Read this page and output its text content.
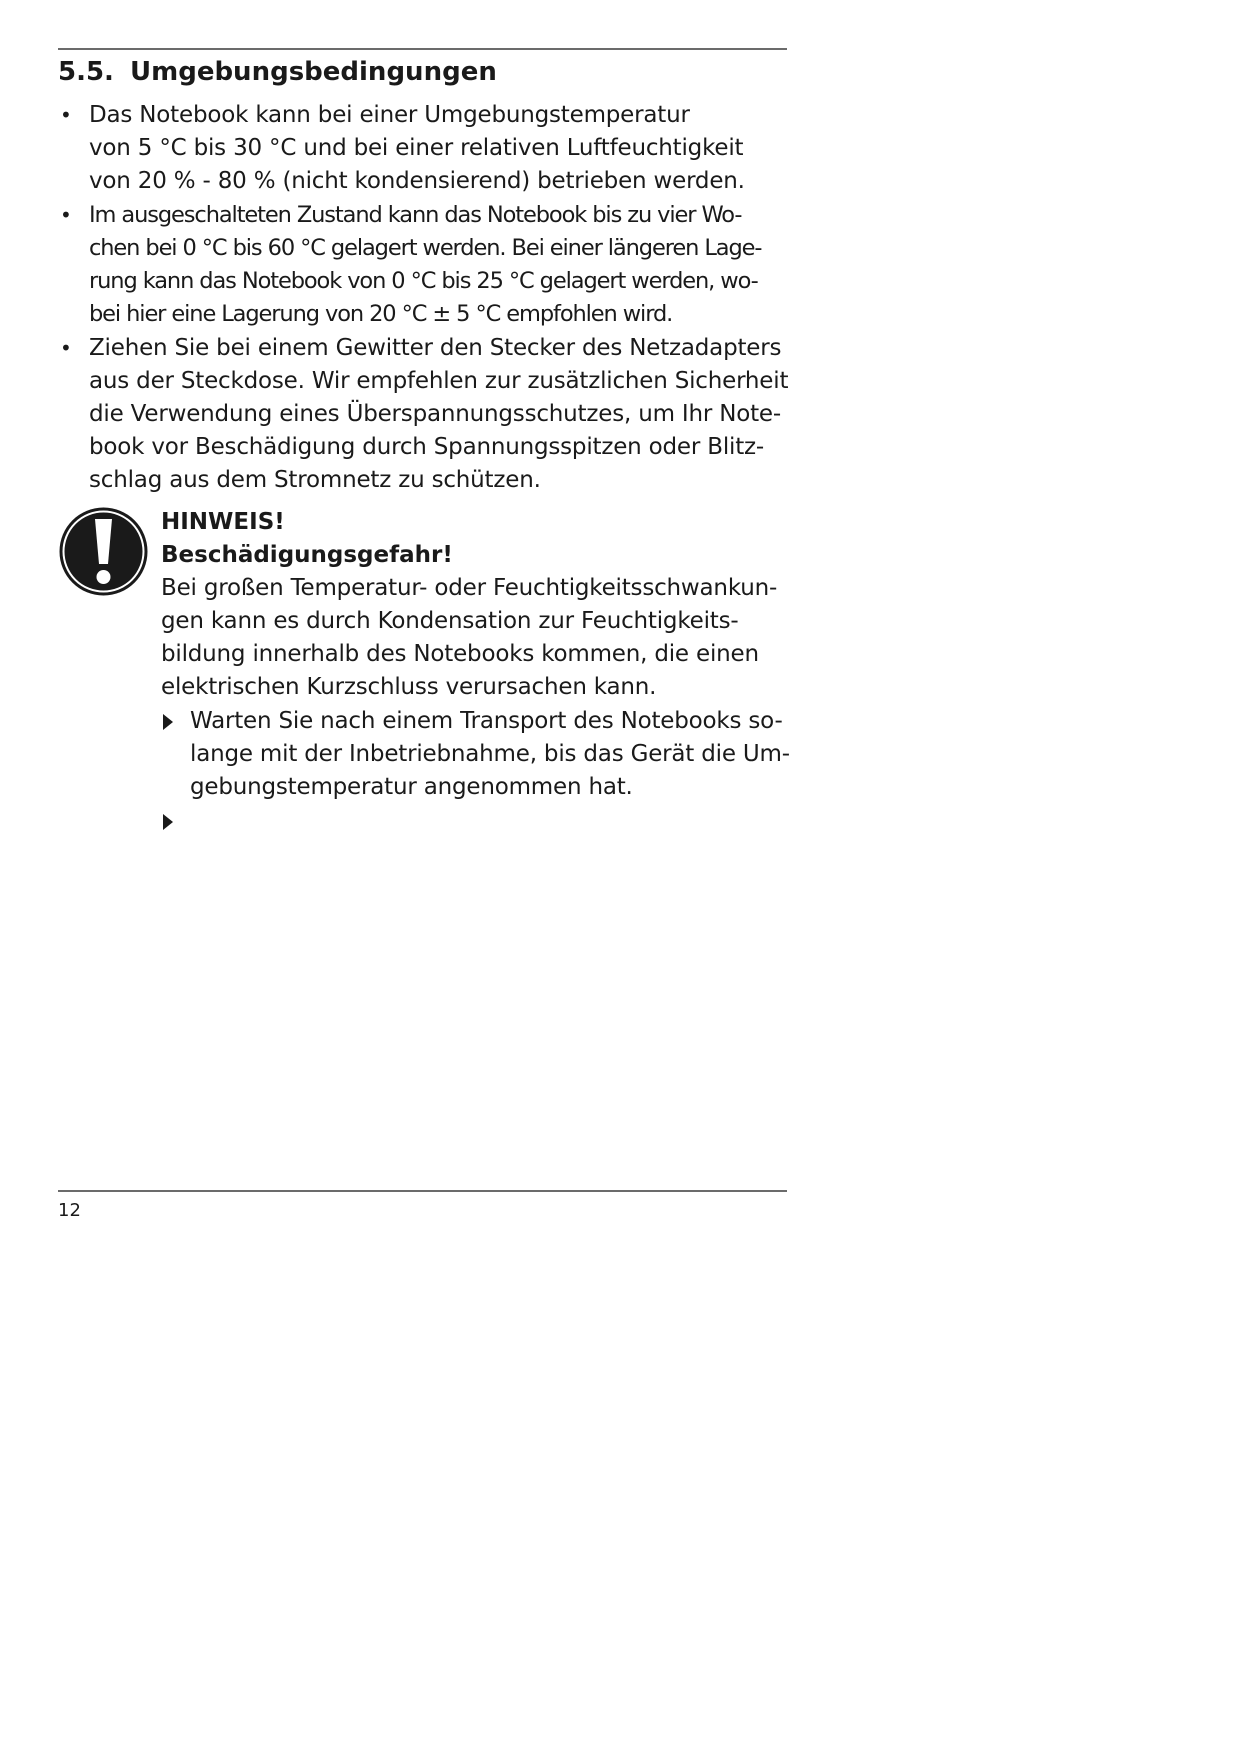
5.5. Umgebungsbedingungen
• Das Notebook kann bei einer Umgebungstemperatur
von 5 °C bis 30 °C und bei einer relativen Luftfeuchtigkeit
von 20 % - 80 % (nicht kondensierend) betrieben werden.
• Im ausgeschalteten Zustand kann das Notebook bis zu vier Wo-
chen bei 0 °C bis 60 °C gelagert werden. Bei einer längeren Lage-
rung kann das Notebook von 0 °C bis 25 °C gelagert werden, wo-
bei hier eine Lagerung von 20 °C ± 5 °C empfohlen wird.
• Ziehen Sie bei einem Gewitter den Stecker des Netzadapters
aus der Steckdose. Wir empfehlen zur zusätzlichen Sicherheit
die Verwendung eines Überspannungsschutzes, um Ihr Note-
book vor Beschädigung durch Spannungsspitzen oder Blitz-
schlag aus dem Stromnetz zu schützen.
HINWEIS!
Beschädigungsgefahr!
Bei großen Temperatur- oder Feuchtigkeitsschwankun-
gen kann es durch Kondensation zur Feuchtigkeits-
bildung innerhalb des Notebooks kommen, die einen
elektrischen Kurzschluss verursachen kann.
Warten Sie nach einem Transport des Notebooks so-
lange mit der Inbetriebnahme, bis das Gerät die Um-
gebungstemperatur angenommen hat.
12
